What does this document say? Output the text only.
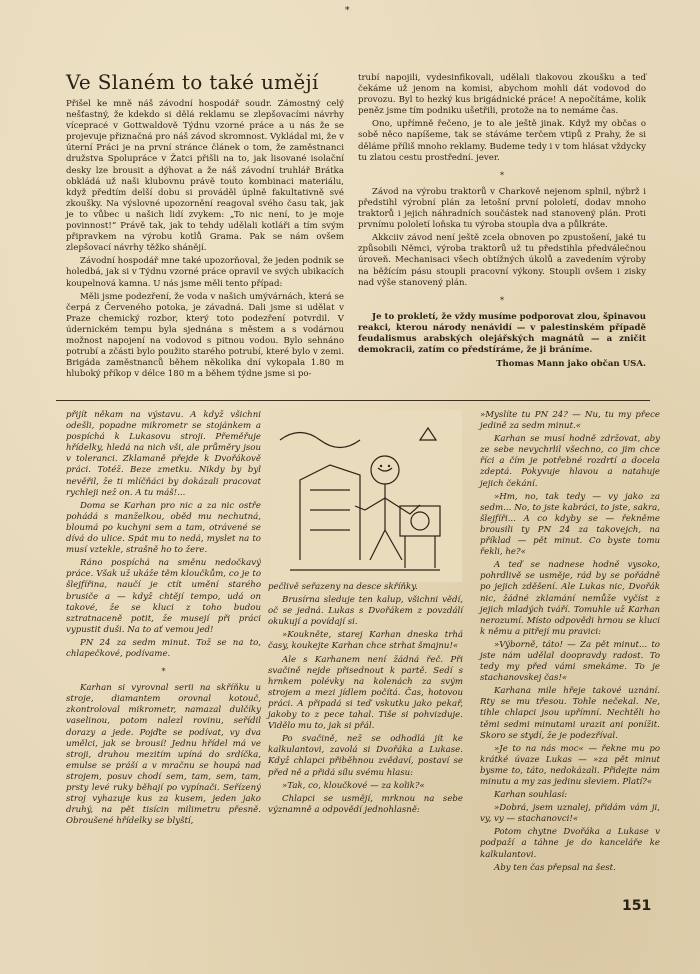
*
Ve Slaném to také umějí

Přišel ke mně náš závodní hospodář soudr. Zámostný celý nešťastný, že kdekdo si dělá reklamu se zlepšovacími návrhy vícepracé v Gottwaldově Týdnu vzorné práce a u nás že se projevuje přiznačná pro náš závod skromnost. Vykládal mi, že v úterní Práci je na první stránce článek o tom, že zaměstnanci družstva Spolupráce v Žatci přišli na to, jak lisované isolační desky lze brousit a dýhovat a že náš závodní truhlář Brátka obkládá už naši klubovnu právě touto kombinaci materiálu, když předtím delší dobu si prováděl úplně fakultativně své zkoušky. Na výslovné upozornění reagoval svého času tak, jak je to vůbec u našich lidí zvykem: „To nic není, to je moje povinnost!“ Právě tak, jak to tehdy udělali kotláři a tím svým připravkem na výrobu kotlů Grama. Pak se nám ovšem zlepšovací návrhy těžko shánějí.

Závodní hospodář mne také upozorňoval, že jeden podnik se holedbá, jak si v Týdnu vzorné práce opravil ve svých ubikacích koupelnová kamna. U nás jsme měli tento případ:

Měli jsme podezření, že voda v našich umývárnách, která se čerpá z Červeného potoka, je závadná. Dali jsme si udělat v Praze chemický rozbor, který toto podezření potvrdil. V údernickém tempu byla sjednána s městem a s vodárnou možnost napojení na vodovod s pitnou vodou. Bylo sehnáno potrubí a zčásti bylo použito starého potrubí, které bylo v zemi. Brigáda zaměstnanců během několika dní vykopala 1.80 m hluboký příkop v délce 180 m a během týdne jsme si po-

trubí napojili, vydesinfikovali, udělali tlakovou zkoušku a teď čekáme už jenom na komisi, abychom mohli dát vodovod do provozu. Byl to hezký kus brigádnické práce! A nepočítáme, kolik peněz jsme tím podniku ušetřili, protože na to nemáme čas.

Ono, upřímně řečeno, je to ale ještě jinak. Když my občas o sobě něco napíšeme, tak se stáváme terčem vtipů z Prahy, že si děláme příliš mnoho reklamy. Budeme tedy i v tom hlásat vždycky tu zlatou cestu prostřední. jever.

*

Závod na výrobu traktorů v Charkově nejenom splnil, nýbrž i předstihl výrobní plán za letošní první pololetí, dodav mnoho traktorů i jejich náhradních součástek nad stanovený plán. Proti prvnímu pololetí loňska tu výroba stoupla dva a půlkráte.

Akkciiv závod není ještě zcela obnoven po zpustošení, jaké tu způsobili Němci, výroba traktorů už tu předstihla předválečnou úroveň. Mechanisaci všech obtížných úkolů a zavedením výroby na běžícím pásu stoupli pracovní výkony. Stoupli ovšem i zisky nad výše stanovený plán.

*

Je to prokletí, že vždy musíme podporovat zlou, špinavou reakci, kterou národy nenávidí — v palestinském případě feudalismus arabských olejářských magnátů — a zničit demokracii, zatím co předstíráme, že ji bráníme.

Thomas Mann jako občan USA.

přijít někam na výstavu. A když všichni odešli, popadne mikrometr se stojánkem a pospíchá k Lukasovu stroji. Přeměřuje hřídelky, hledá na nich vši, ale průměry jsou v toleranci. Zklamaně přejde k Dvořákově práci. Totéž. Beze zmetku. Nikdy by byl nevěřil, že ti mlíčňáci by dokázali pracovat rychleji než on. A tu máš!...

Doma se Karhan pro nic a za nic ostře pohádá s manželkou, oběd mu nechutná, bloumá po kuchyni sem a tam, otrávené se dívá do ulice. Spát mu to nedá, myslet na to musí vztekle, strašně ho to žere.

Ráno pospíchá na směnu nedočkavý práce. Však už ukáže těm kloučkům, co je to šlejfířina, naučí je ctít umění starého brusiče a — když chtějí tempo, udá on takové, že se kluci z toho budou sztratnaceně potit, že musejí při práci vypustit duši. Na to ať vemou jed!

PN 24 za sedm minut. Tož se na to, chlapečkové, podívame.

*

Karhan si vyrovnal serii na skříňku u stroje, diamantem orovnal kotouč, zkontroloval mikrometr, namazal dulčíky vaselinou, potom nalezl rovinu, seřídil dorazy a jede. Pojďte se podívat, vy dva umělci, jak se brousí! Jednu hřídel má ve stroji, druhou mezitím upíná do srdíčka, emulse se práší a v mračnu se houpá nad strojem, posuv chodí sem, tam, sem, tam, prsty levé ruky běhají po vypínači. Seřízený stroj vyhazuje kus za kusem, jeden jako druhý, na pět tisícin milimetru přesně. Obroušené hřídelky se blyští,

pečlivě seřazeny na desce skříňky.

Brusírna sleduje ten kalup, všichni vědí, oč se jedná. Lukas s Dvořákem z povzdálí okukují a povídají si.

»Koukněte, starej Karhan dneska trhá časy, koukejte Karhan chce strhat šmajnu!«

Ale s Karhanem není žádná řeč. Při svačině nejde přisednout k partě. Sedí s hrnkem polévky na kolenách za svým strojem a mezi jídlem počítá. Čas, hotovou práci. A připadá si teď vskutku jako pekař, jakoby to z pece tahal. Tiše si pohvizduje. Vidělo mu to, jak si přál.

Po svačině, než se odhodlá jít ke kalkulantovi, zavolá si Dvořáka a Lukase. Když chlapci přiběhnou zvědaví, postaví se před ně a přidá sílu svému hlasu:

»Tak, co, kloučkové — za kolik?«

Chlapci se usmějí, mrknou na sebe významně a odpovědí jednohlasně:

»Myslíte tu PN 24? — Nu, tu my přece jedině za sedm minut.«

Karhan se musí hodně zdržovat, aby ze sebe nevychrlil všechno, co jim chce říci a čím je potřebné rozdrtí a docela zdeptá. Pokyvuje hlavou a natahuje jejich čekání.

»Hm, no, tak tedy — vy jako za sedm... No, to jste kabráci, to jste, sakra, šlejfíři... A co kdyby se — řekněme brousili ty PN 24 za takovejch, na příklad — pět minut. Co byste tomu řekli, he?«

A teď se nadnese hodně vysoko, pohrdlivě se usměje, rád by se pořádně po jejich zděšení. Ale Lukas nic, Dvořák nic, žádné zklamání nemůže vyčíst z jejich mladých tváří. Tomuhle už Karhan nerozumí. Místo odpovědi hrnou se kluci k němu a pitřejí mu pravici:

»Výborně, táto! — Za pět minut... to jste nám udělal doopravdy radost. To tedy my před vámi smekáme. To je stachanovskej čas!«

Karhana mile hřeje takové uznání. Rty se mu třesou. Tohle nečekal. Ne, tihle chlapci jsou upřímní. Nechtěli ho těmi sedmi minutami urazit ani ponížit. Skoro se stydí, že je podezříval.

»Je to na nás moc« — řekne mu po krátké úvaze Lukas — »za pět minut bysme to, táto, nedokázali. Přidejte nám minutu a my zas jedinu sleviem. Platí?«

Karhan souhlasí:

»Dobrá, jsem uznalej, přidám vám ji, vy, vy — stachanovci!«

Potom chytne Dvořáka a Lukase v podpaží a táhne je do kanceláře ke kalkulantovi.

Aby ten čas přepsal na šest.

151
